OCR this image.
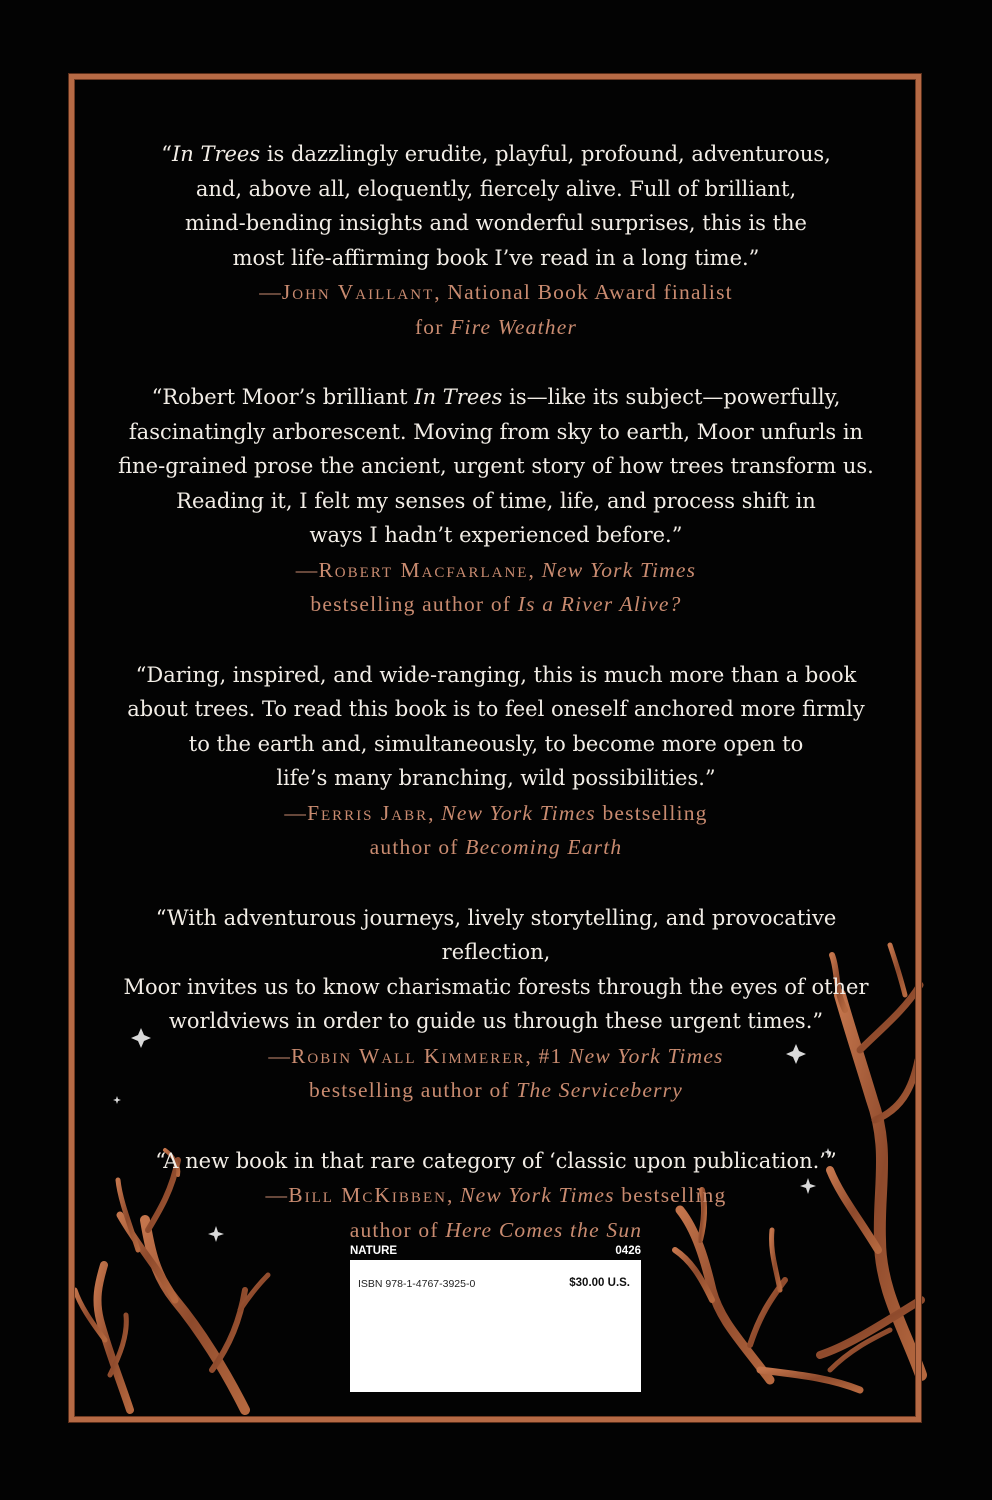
“In Trees is dazzlingly erudite, playful, profound, adventurous,
and, above all, eloquently, fiercely alive. Full of brilliant,
mind-bending insights and wonderful surprises, this is the
most life-affirming book I’ve read in a long time.”

—John Vaillant, National Book Award finalist
for Fire Weather

“Robert Moor’s brilliant In Trees is—like its subject—powerfully,
fascinatingly arborescent. Moving from sky to earth, Moor unfurls in
fine-grained prose the ancient, urgent story of how trees transform us.
Reading it, I felt my senses of time, life, and process shift in
ways I hadn’t experienced before.”

—Robert Macfarlane, New York Times
bestselling author of Is a River Alive?

“Daring, inspired, and wide-ranging, this is much more than a book
about trees. To read this book is to feel oneself anchored more firmly
to the earth and, simultaneously, to become more open to
life’s many branching, wild possibilities.”

—Ferris Jabr, New York Times bestselling
author of Becoming Earth

“With adventurous journeys, lively storytelling, and provocative reflection,
Moor invites us to know charismatic forests through the eyes of other
worldviews in order to guide us through these urgent times.”

—Robin Wall Kimmerer, #1 New York Times
bestselling author of The Serviceberry

“A new book in that rare category of ‘classic upon publication.’”

—Bill McKibben, New York Times bestselling
author of Here Comes the Sun

NATURE	0426
ISBN 978-1-4767-3925-0	$30.00 U.S.
